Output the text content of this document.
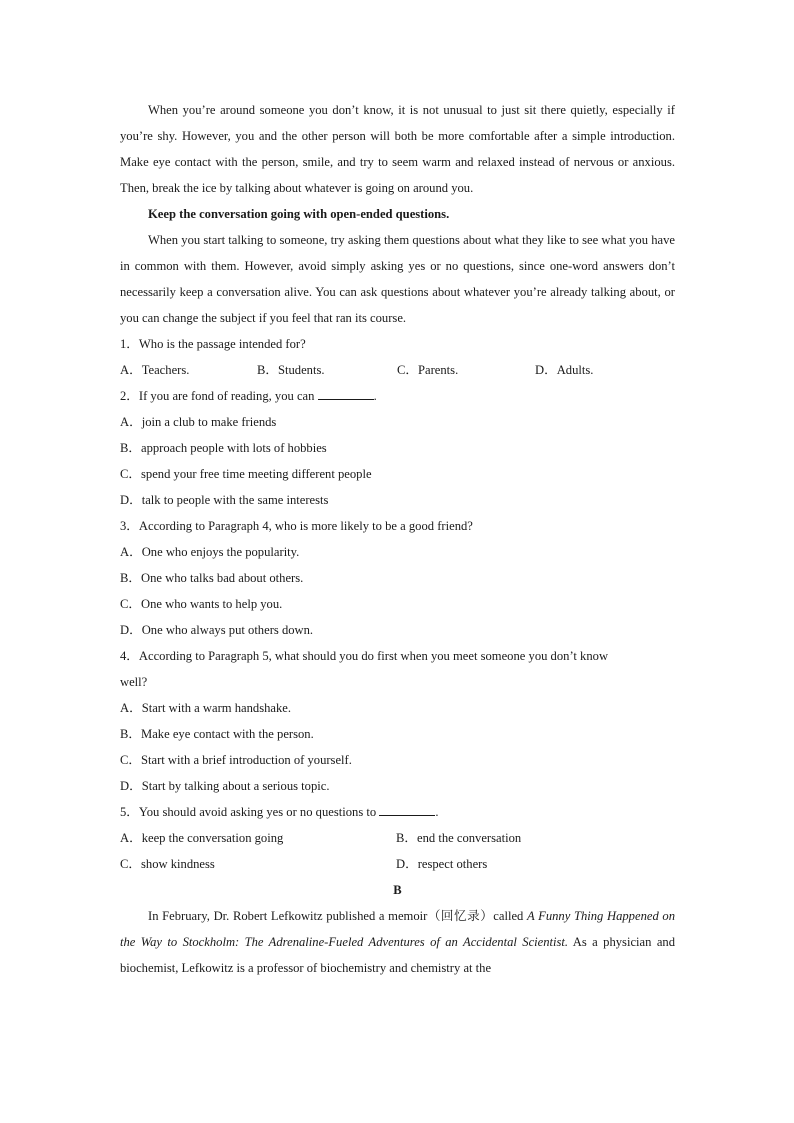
When you’re around someone you don’t know, it is not unusual to just sit there quietly, especially if you’re shy. However, you and the other person will both be more comfortable after a simple introduction. Make eye contact with the person, smile, and try to seem warm and relaxed instead of nervous or anxious. Then, break the ice by talking about whatever is going on around you.

Keep the conversation going with open-ended questions.

When you start talking to someone, try asking them questions about what they like to see what you have in common with them. However, avoid simply asking yes or no questions, since one-word answers don’t necessarily keep a conversation alive. You can ask questions about whatever you’re already talking about, or you can change the subject if you feel that ran its course.

1．Who is the passage intended for?

A．Teachers.	B．Students.	C．Parents.	D．Adults.

2．If you are fond of reading, you can	.

A．join a club to make friends

B．approach people with lots of hobbies

C．spend your free time meeting different people

D．talk to people with the same interests

3．According to Paragraph 4, who is more likely to be a good friend?

A．One who enjoys the popularity.

B．One who talks bad about others.

C．One who wants to help you.

D．One who always put others down.

4．According to Paragraph 5, what should you do first when you meet someone you don’t know

well?

A．Start with a warm handshake.

B．Make eye contact with the person.

C．Start with a brief introduction of yourself.

D．Start by talking about a serious topic.

5．You should avoid asking yes or no questions to	.

A．keep the conversation going	B．end the conversation
C．show kindness	D．respect others

B

In February, Dr. Robert Lefkowitz published a memoir（回忆录）called A Funny Thing Happened on the Way to Stockholm: The Adrenaline-Fueled Adventures of an Accidental Scientist. As a physician and biochemist, Lefkowitz is a professor of biochemistry and chemistry at the
